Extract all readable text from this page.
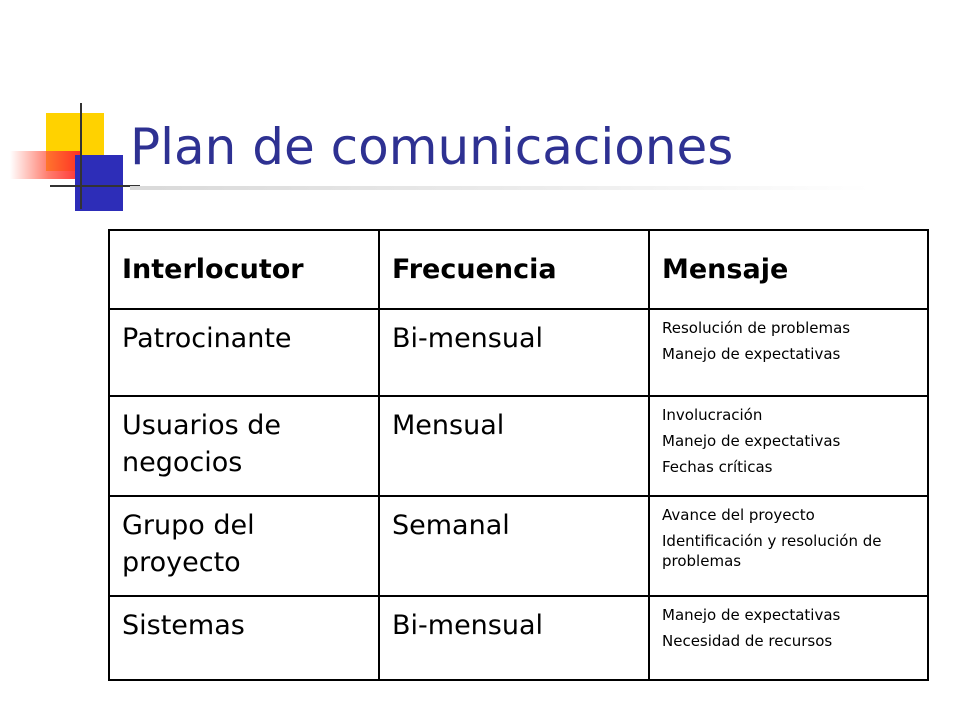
Plan de comunicaciones
Interlocutor	Frecuencia	Mensaje
Patrocinante	Bi-mensual	Resolución de problemas
Manejo de expectativas

Usuarios de negocios	Mensual	Involucración
Manejo de expectativas
Fechas críticas

Grupo del proyecto	Semanal	Avance del proyecto
Identificación y resolución de problemas

Sistemas	Bi-mensual	Manejo de expectativas
Necesidad de recursos
